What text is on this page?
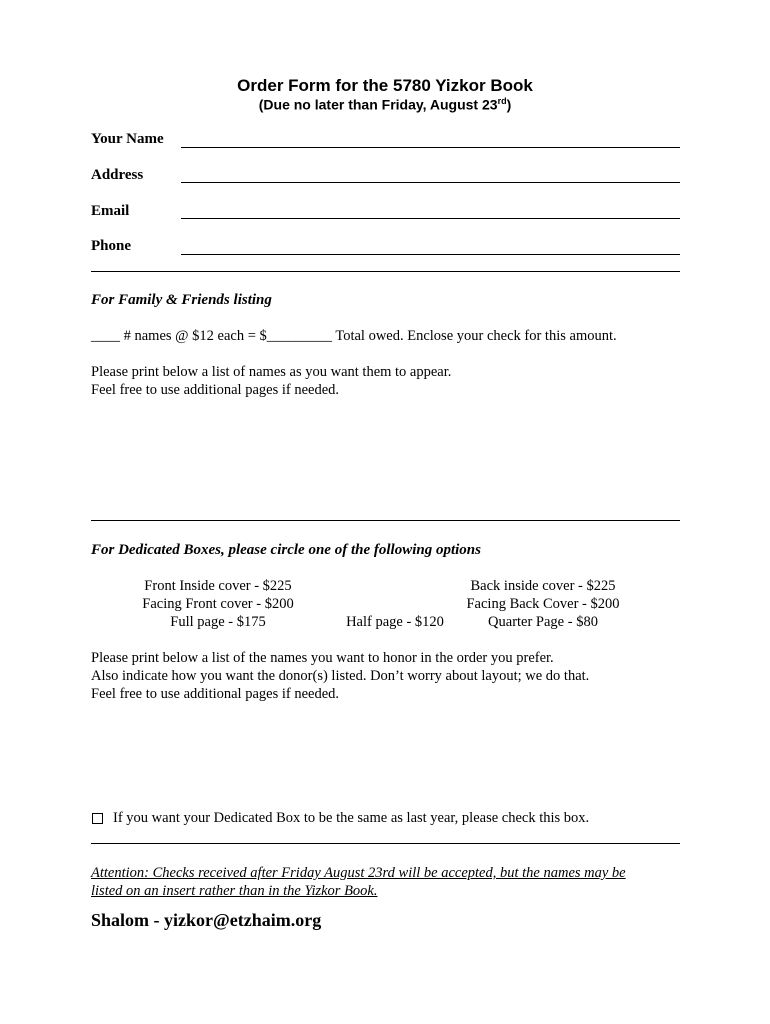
Order Form for the 5780 Yizkor Book
(Due no later than Friday, August 23rd)
Your Name
Address
Email
Phone
For Family & Friends listing
____ # names @ $12 each = $_________ Total owed. Enclose your check for this amount.
Please print below a list of names as you want them to appear.
Feel free to use additional pages if needed.
For Dedicated Boxes, please circle one of the following options
Front Inside cover - $225
Facing Front cover - $200
Full page - $175	Half page - $120
Back inside cover - $225
Facing Back Cover - $200
Quarter Page - $80
Please print below a list of the names you want to honor in the order you prefer.
Also indicate how you want the donor(s) listed. Don’t worry about layout; we do that.
Feel free to use additional pages if needed.
If you want your Dedicated Box to be the same as last year, please check this box.
Attention: Checks received after Friday August 23rd will be accepted, but the names may be
listed on an insert rather than in the Yizkor Book.
Shalom - yizkor@etzhaim.org
